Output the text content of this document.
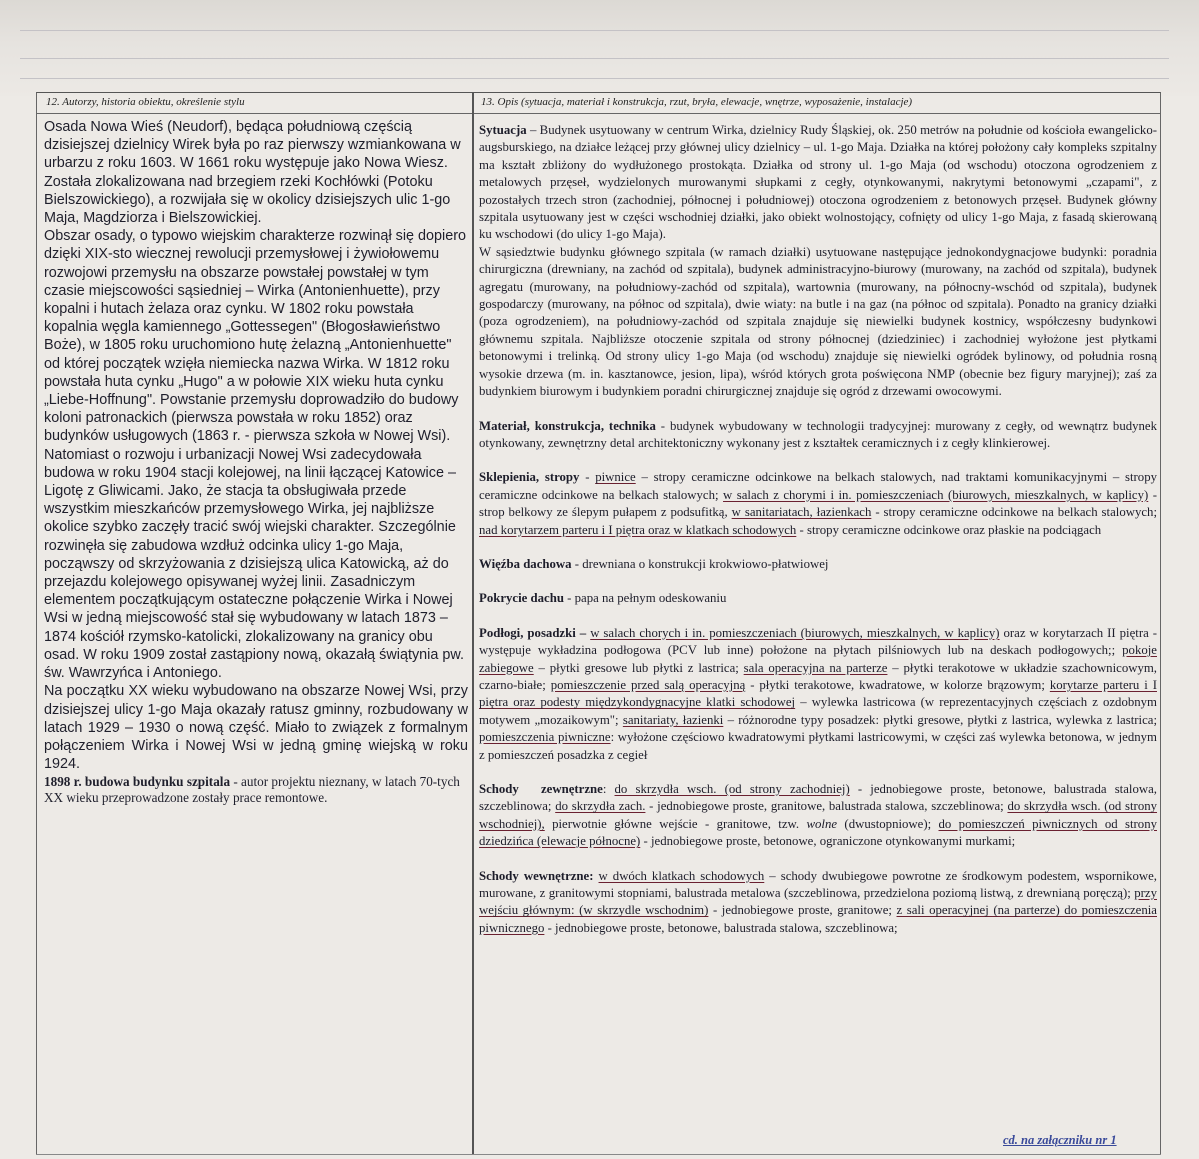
12. Autorzy, historia obiektu, określenie stylu	13. Opis (sytuacja, materiał i konstrukcja, rzut, bryła, elewacje, wnętrze, wyposażenie, instalacje)

Osada Nowa Wieś (Neudorf), będąca południową częścią dzisiejszej dzielnicy Wirek była po raz pierwszy wzmiankowana w urbarzu z roku 1603. W 1661 roku występuje jako Nowa Wiesz. Została zlokalizowana nad brzegiem rzeki Kochłówki (Potoku Bielszowickiego), a rozwijała się w okolicy dzisiejszych ulic 1-go Maja, Magdziorza i Bielszowickiej.

Obszar osady, o typowo wiejskim charakterze rozwinął się dopiero dzięki XIX-sto wiecznej rewolucji przemysłowej i żywiołowemu rozwojowi przemysłu na obszarze powstałej powstałej w tym czasie miejscowości sąsiedniej – Wirka (Antonienhuette), przy kopalni i hutach żelaza oraz cynku. W 1802 roku powstała kopalnia węgla kamiennego „Gottessegen" (Błogosławieństwo Boże), w 1805 roku uruchomiono hutę żelazną „Antonienhuette" od której początek wzięła niemiecka nazwa Wirka. W 1812 roku powstała huta cynku „Hugo" a w połowie XIX wieku huta cynku „Liebe-Hoffnung". Powstanie przemysłu doprowadziło do budowy koloni patronackich (pierwsza powstała w roku 1852) oraz budynków usługowych (1863 r. - pierwsza szkoła w Nowej Wsi).

Natomiast o rozwoju i urbanizacji Nowej Wsi zadecydowała budowa w roku 1904 stacji kolejowej, na linii łączącej Katowice – Ligotę z Gliwicami. Jako, że stacja ta obsługiwała przede wszystkim mieszkańców przemysłowego Wirka, jej najbliższe okolice szybko zaczęły tracić swój wiejski charakter. Szczególnie rozwinęła się zabudowa wzdłuż odcinka ulicy 1-go Maja, począwszy od skrzyżowania z dzisiejszą ulica Katowicką, aż do przejazdu kolejowego opisywanej wyżej linii. Zasadniczym elementem początkującym ostateczne połączenie Wirka i Nowej Wsi w jedną miejscowość stał się wybudowany w latach 1873 – 1874 kościół rzymsko-katolicki, zlokalizowany na granicy obu osad. W roku 1909 został zastąpiony nową, okazałą świątynia pw. św. Wawrzyńca i Antoniego.

Na początku XX wieku wybudowano na obszarze Nowej Wsi, przy dzisiejszej ulicy 1-go Maja okazały ratusz gminny, rozbudowany w latach 1929 – 1930 o nową część. Miało to związek z formalnym połączeniem Wirka i Nowej Wsi w jedną gminę wiejską w roku 1924.

1898 r. budowa budynku szpitala - autor projektu nieznany, w latach 70-tych XX wieku przeprowadzone zostały prace remontowe.

Sytuacja – Budynek usytuowany w centrum Wirka, dzielnicy Rudy Śląskiej, ok. 250 metrów na południe od kościoła ewangelicko-augsburskiego, na działce leżącej przy głównej ulicy dzielnicy – ul. 1-go Maja. Działka na której położony cały kompleks szpitalny ma kształt zbliżony do wydłużonego prostokąta. Działka od strony ul. 1-go Maja (od wschodu) otoczona ogrodzeniem z metalowych przęseł, wydzielonych murowanymi słupkami z cegły, otynkowanymi, nakrytymi betonowymi „czapami", z pozostałych trzech stron (zachodniej, północnej i południowej) otoczona ogrodzeniem z betonowych przęseł. Budynek główny szpitala usytuowany jest w części wschodniej działki, jako obiekt wolnostojący, cofnięty od ulicy 1-go Maja, z fasadą skierowaną ku wschodowi (do ulicy 1-go Maja).

W sąsiedztwie budynku głównego szpitala (w ramach działki) usytuowane następujące jednokondygnacjowe budynki: poradnia chirurgiczna (drewniany, na zachód od szpitala), budynek administracyjno-biurowy (murowany, na zachód od szpitala), budynek agregatu (murowany, na południowy-zachód od szpitala), wartownia (murowany, na północny-wschód od szpitala), budynek gospodarczy (murowany, na północ od szpitala), dwie wiaty: na butle i na gaz (na północ od szpitala). Ponadto na granicy działki (poza ogrodzeniem), na południowy-zachód od szpitala znajduje się niewielki budynek kostnicy, współczesny budynkowi głównemu szpitala. Najbliższe otoczenie szpitala od strony północnej (dziedziniec) i zachodniej wyłożone jest płytkami betonowymi i trelinką. Od strony ulicy 1-go Maja (od wschodu) znajduje się niewielki ogródek bylinowy, od południa rosną wysokie drzewa (m. in. kasztanowce, jesion, lipa), wśród których grota poświęcona NMP (obecnie bez figury maryjnej); zaś za budynkiem biurowym i budynkiem poradni chirurgicznej znajduje się ogród z drzewami owocowymi.

Materiał, konstrukcja, technika - budynek wybudowany w technologii tradycyjnej: murowany z cegły, od wewnątrz budynek otynkowany, zewnętrzny detal architektoniczny wykonany jest z kształtek ceramicznych i z cegły klinkierowej.

Sklepienia, stropy - piwnice – stropy ceramiczne odcinkowe na belkach stalowych, nad traktami komunikacyjnymi – stropy ceramiczne odcinkowe na belkach stalowych; w salach z chorymi i in. pomieszczeniach (biurowych, mieszkalnych, w kaplicy) - strop belkowy ze ślepym pułapem z podsufitką, w sanitariatach, łazienkach - stropy ceramiczne odcinkowe na belkach stalowych; nad korytarzem parteru i I piętra oraz w klatkach schodowych - stropy ceramiczne odcinkowe oraz płaskie na podciągach

Więźba dachowa - drewniana o konstrukcji krokwiowo-płatwiowej

Pokrycie dachu - papa na pełnym odeskowaniu

Podłogi, posadzki – w salach chorych i in. pomieszczeniach (biurowych, mieszkalnych, w kaplicy) oraz w korytarzach II piętra - występuje wykładzina podłogowa (PCV lub inne) położone na płytach pilśniowych lub na deskach podłogowych;; pokoje zabiegowe – płytki gresowe lub płytki z lastrica; sala operacyjna na parterze – płytki terakotowe w układzie szachownicowym, czarno-białe; pomieszczenie przed salą operacyjną - płytki terakotowe, kwadratowe, w kolorze brązowym; korytarze parteru i I piętra oraz podesty międzykondygnacyjne klatki schodowej – wylewka lastricowa (w reprezentacyjnych częściach z ozdobnym motywem „mozaikowym"; sanitariaty, łazienki – różnorodne typy posadzek: płytki gresowe, płytki z lastrica, wylewka z lastrica; pomieszczenia piwniczne: wyłożone częściowo kwadratowymi płytkami lastricowymi, w części zaś wylewka betonowa, w jednym z pomieszczeń posadzka z cegieł

Schody zewnętrzne: do skrzydła wsch. (od strony zachodniej) - jednobiegowe proste, betonowe, balustrada stalowa, szczeblinowa; do skrzydła zach. - jednobiegowe proste, granitowe, balustrada stalowa, szczeblinowa; do skrzydła wsch. (od strony wschodniej), pierwotnie główne wejście - granitowe, tzw. wolne (dwustopniowe); do pomieszczeń piwnicznych od strony dziedzińca (elewacje północne) - jednobiegowe proste, betonowe, ograniczone otynkowanymi murkami;

Schody wewnętrzne: w dwóch klatkach schodowych – schody dwubiegowe powrotne ze środkowym podestem, wspornikowe, murowane, z granitowymi stopniami, balustrada metalowa (szczeblinowa, przedzielona poziomą listwą, z drewnianą poręczą); przy wejściu głównym: (w skrzydle wschodnim) - jednobiegowe proste, granitowe; z sali operacyjnej (na parterze) do pomieszczenia piwnicznego - jednobiegowe proste, betonowe, balustrada stalowa, szczeblinowa;

cd. na załączniku nr 1
